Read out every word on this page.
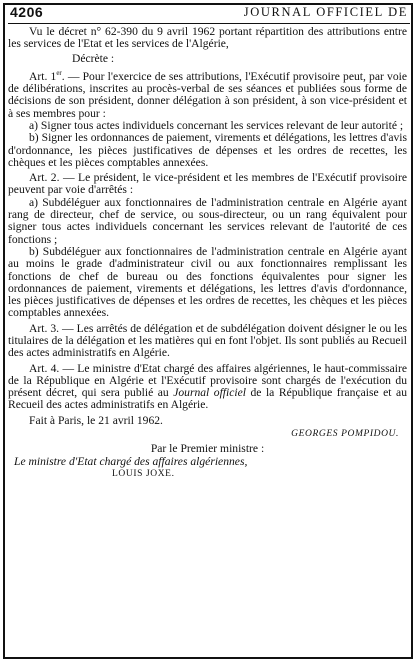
4206	JOURNAL OFFICIEL DE

Vu le décret n° 62-390 du 9 avril 1962 portant répartition des attributions entre les services de l'Etat et les services de l'Algérie,

Décrète :

Art. 1er. — Pour l'exercice de ses attributions, l'Exécutif provisoire peut, par voie de délibérations, inscrites au procès-verbal de ses séances et publiées sous forme de décisions de son président, donner délégation à son président, à son vice-président et à ses membres pour :

a) Signer tous actes individuels concernant les services relevant de leur autorité ;

b) Signer les ordonnances de paiement, virements et délégations, les lettres d'avis d'ordonnance, les pièces justificatives de dépenses et les ordres de recettes, les chèques et les pièces comptables annexées.

Art. 2. — Le président, le vice-président et les membres de l'Exécutif provisoire peuvent par voie d'arrêtés :

a) Subdéléguer aux fonctionnaires de l'administration centrale en Algérie ayant rang de directeur, chef de service, ou sous-directeur, ou un rang équivalent pour signer tous actes individuels concernant les services relevant de l'autorité de ces fonctions ;

b) Subdéléguer aux fonctionnaires de l'administration centrale en Algérie ayant au moins le grade d'administrateur civil ou aux fonctionnaires remplissant les fonctions de chef de bureau ou des fonctions équivalentes pour signer les ordonnances de paiement, virements et délégations, les lettres d'avis d'ordonnance, les pièces justificatives de dépenses et les ordres de recettes, les chèques et les pièces comptables annexées.

Art. 3. — Les arrêtés de délégation et de subdélégation doivent désigner le ou les titulaires de la délégation et les matières qui en font l'objet. Ils sont publiés au Recueil des actes administratifs en Algérie.

Art. 4. — Le ministre d'Etat chargé des affaires algériennes, le haut-commissaire de la République en Algérie et l'Exécutif provisoire sont chargés de l'exécution du présent décret, qui sera publié au Journal officiel de la République française et au Recueil des actes administratifs en Algérie.

Fait à Paris, le 21 avril 1962.

GEORGES POMPIDOU.

Par le Premier ministre :

Le ministre d'Etat chargé des affaires algériennes,

LOUIS JOXE.
